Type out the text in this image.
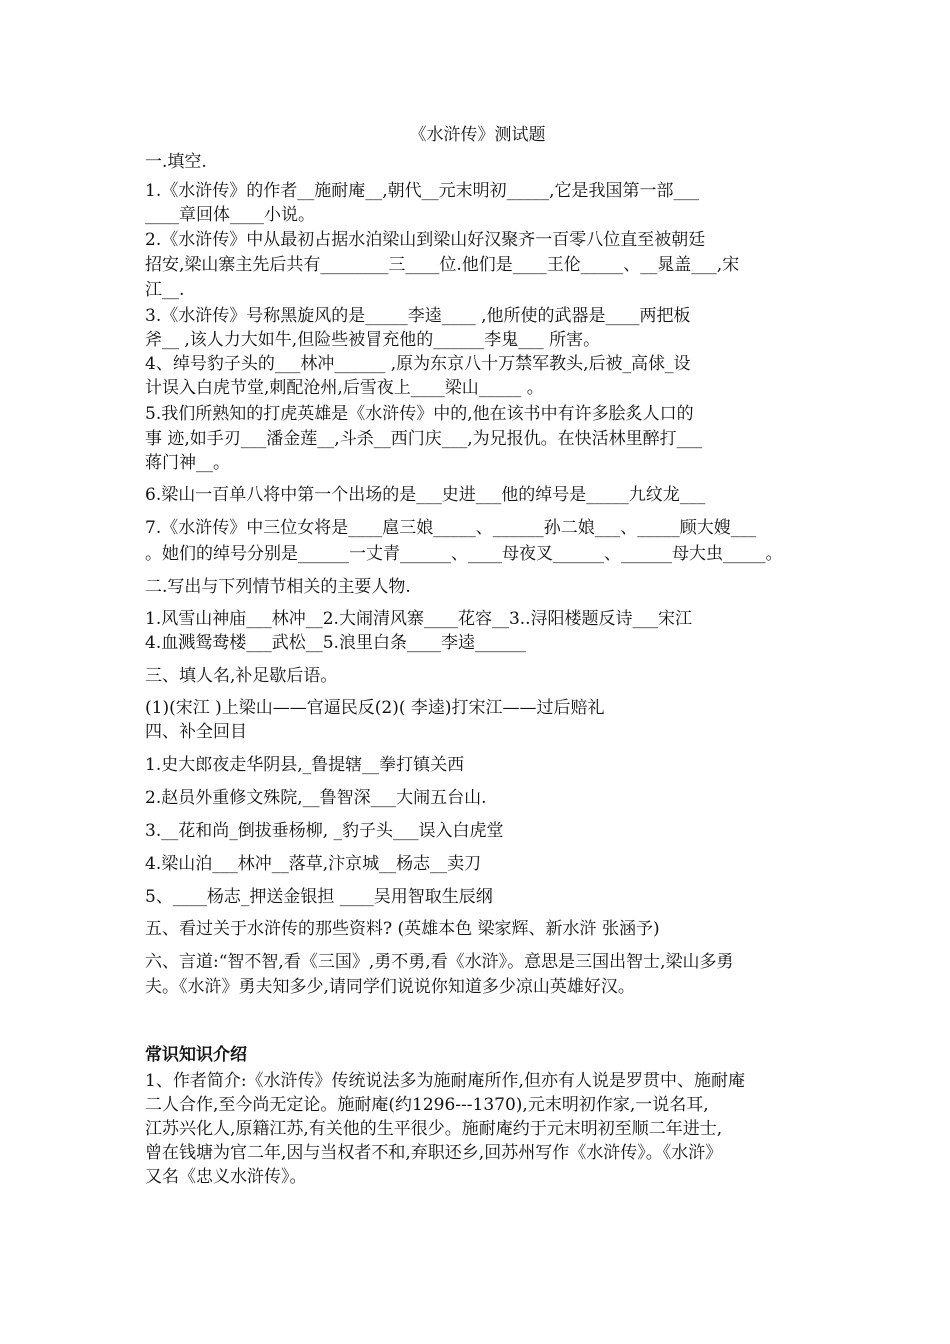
《水浒传》测试题
一.填空.
1.《水浒传》的作者__施耐庵__,朝代__元末明初_____,它是我国第一部___
____章回体____小说。
2.《水浒传》中从最初占据水泊梁山到梁山好汉聚齐一百零八位直至被朝廷
招安,梁山寨主先后共有________三____位.他们是____王伦_____、__晁盖___,宋
江__.
3.《水浒传》号称黑旋风的是_____李逵____ ,他所使的武器是____两把板
斧__ ,该人力大如牛,但险些被冒充他的______李鬼___ 所害。
4、绰号豹子头的___林冲______ ,原为东京八十万禁军教头,后被_高俅_设
计误入白虎节堂,刺配沧州,后雪夜上____梁山_____ 。
5.我们所熟知的打虎英雄是《水浒传》中的,他在该书中有许多脍炙人口的
事 迹,如手刃___潘金莲__,斗杀__西门庆___,为兄报仇。在快活林里醉打___
蒋门神__。
6.梁山一百单八将中第一个出场的是___史进___他的绰号是_____九纹龙___
7.《水浒传》中三位女将是____扈三娘_____、______孙二娘___、_____顾大嫂___
。她们的绰号分别是______一丈青______、____母夜叉______、______母大虫_____。
二.写出与下列情节相关的主要人物.
1.风雪山神庙___林冲__2.大闹清风寨____花容__3..浔阳楼题反诗___宋江
4.血溅鸳鸯楼___武松__5.浪里白条____李逵______
三、填人名,补足歇后语。
(1)(宋江 )上梁山——官逼民反(2)( 李逵)打宋江——过后赔礼
四、补全回目
1.史大郎夜走华阴县,_鲁提辖__拳打镇关西
2.赵员外重修文殊院,__鲁智深___大闹五台山.
3.__花和尚_倒拔垂杨柳, _豹子头___误入白虎堂
4.梁山泊___林冲__落草,汴京城__杨志__卖刀
5、____杨志_押送金银担 ____吴用智取生辰纲
五、看过关于水浒传的那些资料? (英雄本色 梁家辉、新水浒 张涵予)
六、言道:“智不智,看《三国》,勇不勇,看《水浒》。意思是三国出智士,梁山多勇
夫。《水浒》勇夫知多少,请同学们说说你知道多少凉山英雄好汉。
常识知识介绍
1、作者简介:《水浒传》传统说法多为施耐庵所作,但亦有人说是罗贯中、施耐庵
二人合作,至今尚无定论。施耐庵(约1296---1370),元末明初作家,一说名耳,
江苏兴化人,原籍江苏,有关他的生平很少。施耐庵约于元末明初至顺二年进士,
曾在钱塘为官二年,因与当权者不和,弃职还乡,回苏州写作《水浒传》。《水浒》
又名《忠义水浒传》。
